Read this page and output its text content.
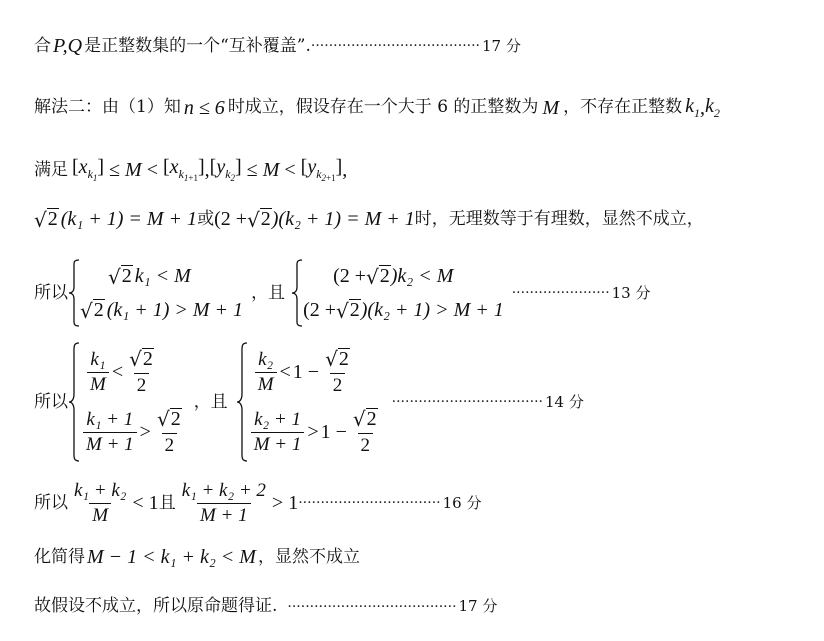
合 P,Q 是正整数集的一个“互补覆盖”. ······································ 17 分
解法二：由（1）知 n ≤ 6 时成立，假设存在一个大于 6 的正整数为 M ，不存在正整数 $k_1$ , $k_2$
满足 $[x_{k_1}] \le M < [x_{k_{1+1}}]$ , $[y_{k_2}] \le M < [y_{k_{2+1}}]$ ,
√ 2 (k₁ + 1) = M + 1 或 (2 + √ 2 )(k₂ + 1) = M + 1 时，无理数等于有理数，显然不成立，
所以
√ 2 k₁ < M
√ 2 (k₁ + 1) > M + 1
，且
(2 + √ 2 )k₂ < M
(2 + √ 2 )(k₂ + 1) > M + 1
······················ 13 分
所以
$\frac{\text{k₁}}{M} < \frac{√ 2}{2}$
$\frac{\text{k₁ + 1}}{M + 1} > \frac{√ 2}{2}$
，且
$\frac{\text{k₂}}{M} < 1 - \frac{√ 2}{2}$
$\frac{\text{k₂ + 1}}{M + 1} > 1 - \frac{√ 2}{2}$
·································· 14 分
所以 $\frac{\text{k₁ + k₂}}{M} < 1$ 且 $\frac{\text{k₁ + k₂ + 2}}{M + 1} > 1$ ································ 16 分
化简得 M − 1 < k₁ + k₂ < M ，显然不成立
故假设不成立，所以原命题得证. ······································ 17 分
